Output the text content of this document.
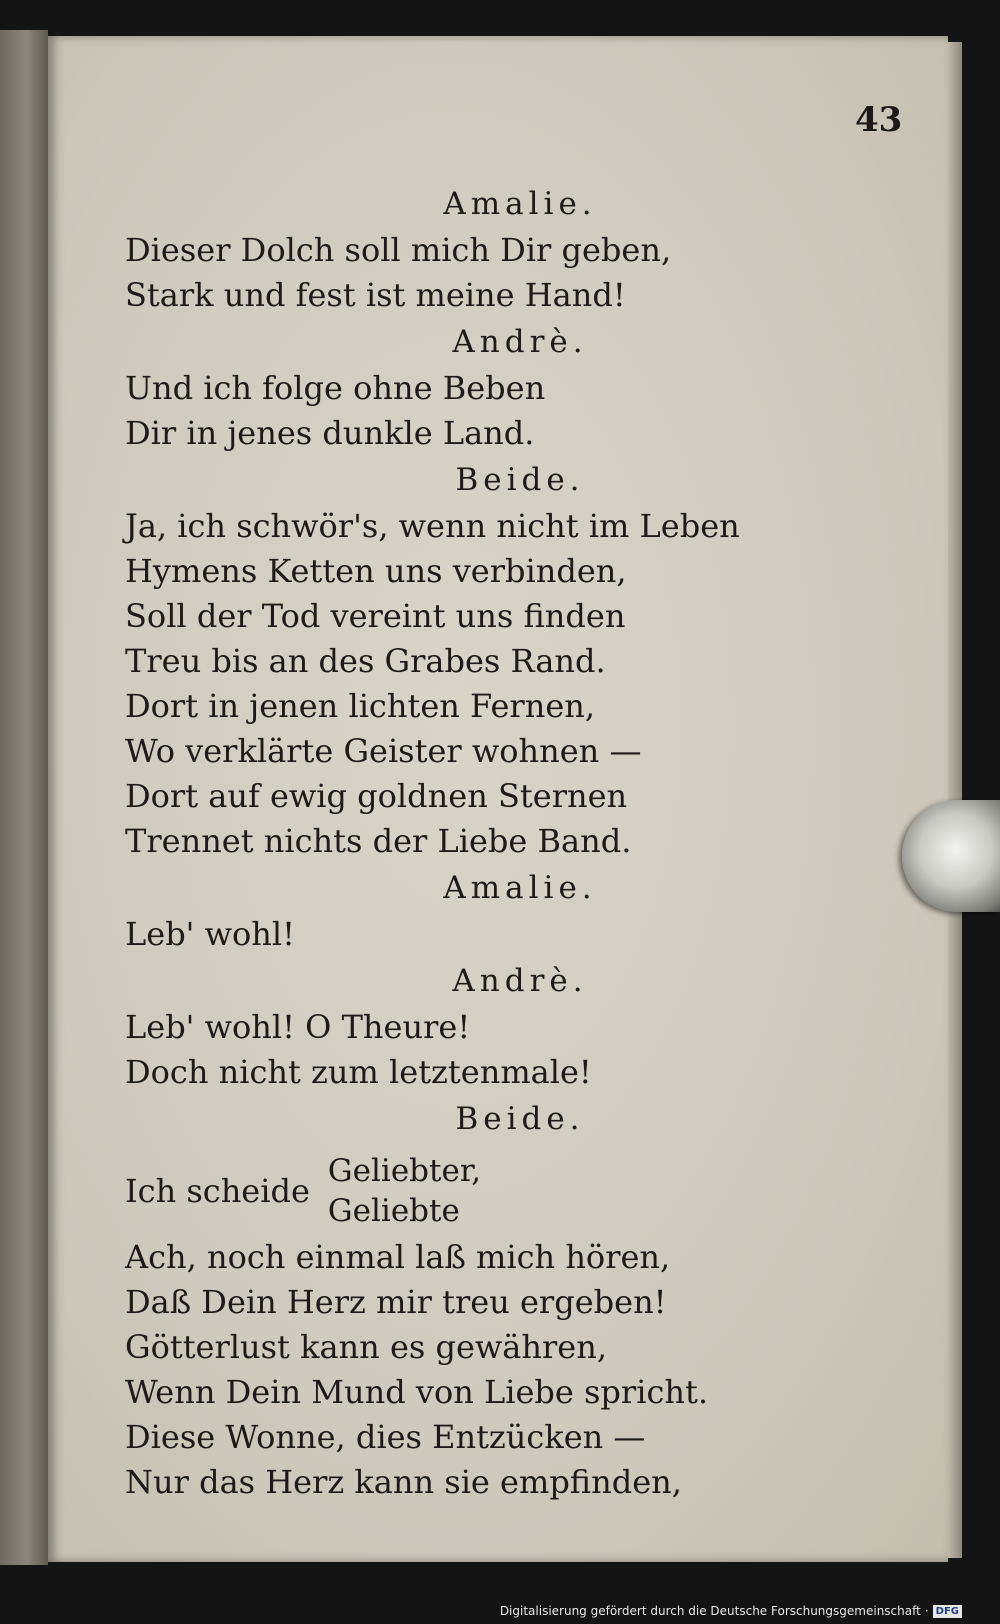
43
Amalie.
Dieser Dolch soll mich Dir geben,
Stark und fest ist meine Hand!
Andrè.
Und ich folge ohne Beben
Dir in jenes dunkle Land.
Beide.
Ja, ich schwör's, wenn nicht im Leben
Hymens Ketten uns verbinden,
Soll der Tod vereint uns finden
Treu bis an des Grabes Rand.
Dort in jenen lichten Fernen,
Wo verklärte Geister wohnen —
Dort auf ewig goldnen Sternen
Trennet nichts der Liebe Band.
Amalie.
Leb' wohl!
Andrè.
Leb' wohl! O Theure!
Doch nicht zum letztenmale!
Beide.
Ich scheide
Geliebter,
Geliebte
Ach, noch einmal laß mich hören,
Daß Dein Herz mir treu ergeben!
Götterlust kann es gewähren,
Wenn Dein Mund von Liebe spricht.
Diese Wonne, dies Entzücken —
Nur das Herz kann sie empfinden,
Digitalisierung gefördert durch die Deutsche Forschungsgemeinschaft · DFG
